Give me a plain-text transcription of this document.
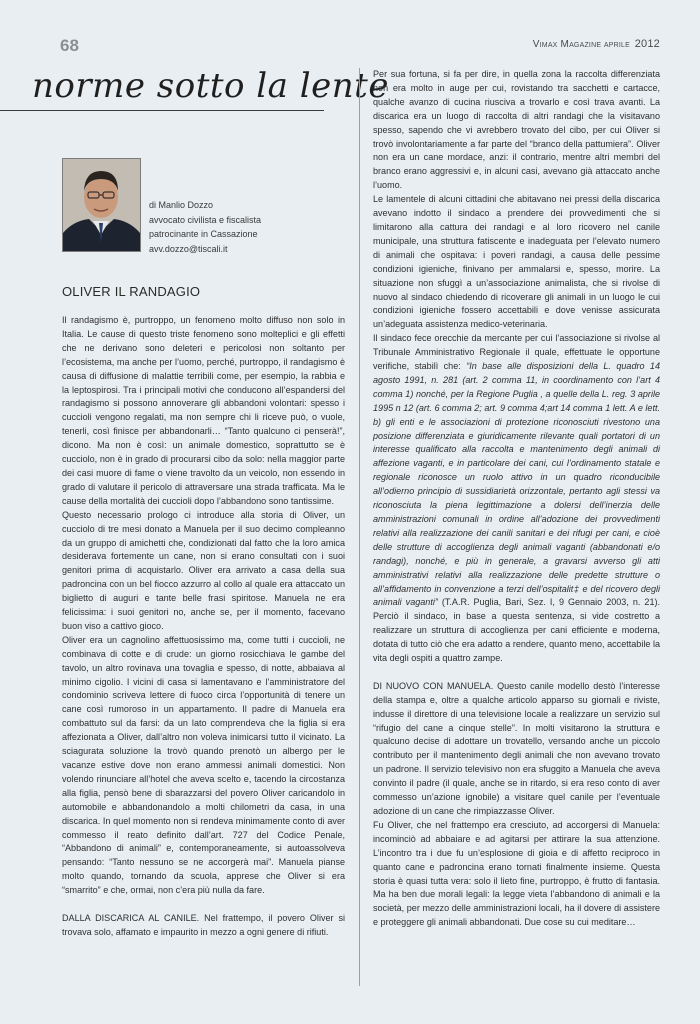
68	Vimax Magazine aprile 2012
norme sotto la lente
di Manlio Dozzo
avvocato civilista e fiscalista
patrocinante in Cassazione
avv.dozzo@tiscali.it
OLIVER IL RANDAGIO

Il randagismo è, purtroppo, un fenomeno molto diffuso non solo in Italia. Le cause di questo triste fenomeno sono molteplici e gli effetti che ne derivano sono deleteri e pericolosi non soltanto per l’ecosistema, ma anche per l’uomo, perché, purtroppo, il randagismo è causa di diffusione di malattie terribili come, per esempio, la rabbia e la leptospirosi. Tra i principali motivi che conducono all’espandersi del randagismo si possono annoverare gli abbandoni volontari: spesso i cuccioli vengono regalati, ma non sempre chi li riceve può, o vuole, tenerli, così finisce per abbandonarli… “Tanto qualcuno ci penserà!”, dicono. Ma non è così: un animale domestico, soprattutto se è cucciolo, non è in grado di procurarsi cibo da solo: nella maggior parte dei casi muore di fame o viene travolto da un veicolo, non essendo in grado di valutare il pericolo di attraversare una strada trafficata. Ma le cause della mortalità dei cuccioli dopo l’abbandono sono tantissime.

Questo necessario prologo ci introduce alla storia di Oliver, un cucciolo di tre mesi donato a Manuela per il suo decimo compleanno da un gruppo di amichetti che, condizionati dal fatto che la loro amica desiderava fortemente un cane, non si erano consultati con i suoi genitori prima di acquistarlo. Oliver era arrivato a casa della sua padroncina con un bel fiocco azzurro al collo al quale era attaccato un biglietto di auguri e tante belle frasi spiritose. Manuela ne era felicissima: i suoi genitori no, anche se, per il momento, facevano buon viso a cattivo gioco.

Oliver era un cagnolino affettuosissimo ma, come tutti i cuccioli, ne combinava di cotte e di crude: un giorno rosicchiava le gambe del tavolo, un altro rovinava una tovaglia e spesso, di notte, abbaiava al minimo cigolio. I vicini di casa si lamentavano e l’amministratore del condominio scriveva lettere di fuoco circa l’opportunità di tenere un cane così rumoroso in un appartamento. Il padre di Manuela era combattuto sul da farsi: da un lato comprendeva che la figlia si era affezionata a Oliver, dall’altro non voleva inimicarsi tutto il vicinato. La sciagurata soluzione la trovò quando prenotò un albergo per le vacanze estive dove non erano ammessi animali domestici. Non volendo rinunciare all’hotel che aveva scelto e, tacendo la circostanza alla figlia, pensò bene di sbarazzarsi del povero Oliver caricandolo in automobile e abbandonandolo a molti chilometri da casa, in una discarica. In quel momento non si rendeva minimamente conto di aver commesso il reato definito dall’art. 727 del Codice Penale, “Abbandono di animali” e, contemporaneamente, si autoassolveva pensando: “Tanto nessuno se ne accorgerà mai”. Manuela pianse molto quando, tornando da scuola, apprese che Oliver si era “smarrito” e che, ormai, non c’era più nulla da fare.

DALLA DISCARICA AL CANILE. Nel frattempo, il povero Oliver si trovava solo, affamato e impaurito in mezzo a ogni genere di rifiuti.

Per sua fortuna, si fa per dire, in quella zona la raccolta differenziata non era molto in auge per cui, rovistando tra sacchetti e cartacce, qualche avanzo di cucina riusciva a trovarlo e così trava avanti. La discarica era un luogo di raccolta di altri randagi che la visitavano spesso, sapendo che vi avrebbero trovato del cibo, per cui Oliver si trovò involontariamente a far parte del “branco della pattumiera”. Oliver non era un cane mordace, anzi: il contrario, mentre altri membri del branco erano aggressivi e, in alcuni casi, avevano già attaccato anche l’uomo.

Le lamentele di alcuni cittadini che abitavano nei pressi della discarica avevano indotto il sindaco a prendere dei provvedimenti che si limitarono alla cattura dei randagi e al loro ricovero nel canile municipale, una struttura fatiscente e inadeguata per l’elevato numero di animali che ospitava: i poveri randagi, a causa delle pessime condizioni igieniche, finivano per ammalarsi e, spesso, morire. La situazione non sfuggì a un’associazione animalista, che si rivolse di nuovo al sindaco chiedendo di ricoverare gli animali in un luogo le cui condizioni igieniche fossero accettabili e dove venisse assicurata un’adeguata assistenza medico-veterinaria.

Il sindaco fece orecchie da mercante per cui l’associazione si rivolse al Tribunale Amministrativo Regionale il quale, effettuate le opportune verifiche, stabilì che: “In base alle disposizioni della L. quadro 14 agosto 1991, n. 281 (art. 2 comma 11, in coordinamento con l’art 4 comma 1) nonché, per la Regione Puglia , a quelle della L. reg. 3 aprile 1995 n 12 (art. 6 comma 2; art. 9 comma 4;art 14 comma 1 lett. A e lett. b) gli enti e le associazioni di protezione riconosciuti rivestono una posizione differenziata e giuridicamente rilevante quali portatori di un interesse qualificato alla raccolta e mantenimento degli animali di affezione vaganti, e in particolare dei cani, cui l’ordinamento statale e regionale riconosce un ruolo attivo in un quadro riconducibile all’odierno principio di sussidiarietà orizzontale, pertanto agli stessi va riconosciuta la piena legittimazione a dolersi dell’inerzia delle amministrazioni comunali in ordine all’adozione dei provvedimenti relativi alla realizzazione dei canili sanitari e dei rifugi per cani, e cioè delle strutture di accoglienza degli animali vaganti (abbandonati e/o randagi), nonché, e più in generale, a gravarsi avverso gli atti amministrativi relativi alla realizzazione delle predette strutture o all’affidamento in convenzione a terzi dell’ospitalit‡ e del ricovero degli animali vaganti” (T.A.R. Puglia, Bari, Sez. I, 9 Gennaio 2003, n. 21). Perciò il sindaco, in base a questa sentenza, si vide costretto a realizzare un struttura di accoglienza per cani efficiente e moderna, dotata di tutto ciò che era adatto a rendere, quanto meno, accettabile la vita degli ospiti a quattro zampe.

DI NUOVO CON MANUELA. Questo canile modello destò l’interesse della stampa e, oltre a qualche articolo apparso su giornali e riviste, indusse il direttore di una televisione locale a realizzare un servizio sul “rifugio del cane a cinque stelle”. In molti visitarono la struttura e qualcuno decise di adottare un trovatello, versando anche un piccolo contributo per il mantenimento degli animali che non avevano trovato un padrone. Il servizio televisivo non era sfuggito a Manuela che aveva convinto il padre (il quale, anche se in ritardo, si era reso conto di aver commesso un’azione ignobile) a visitare quel canile per l’eventuale adozione di un cane che rimpiazzasse Oliver.

Fu Oliver, che nel frattempo era cresciuto, ad accorgersi di Manuela: incominciò ad abbaiare e ad agitarsi per attirare la sua attenzione. L’incontro tra i due fu un’esplosione di gioia e di affetto reciproco in quanto cane e padroncina erano tornati finalmente insieme. Questa storia è quasi tutta vera: solo il lieto fine, purtroppo, è frutto di fantasia. Ma ha ben due morali legali: la legge vieta l’abbandono di animali e la società, per mezzo delle amministrazioni locali, ha il dovere di assistere e proteggere gli animali abbandonati. Due cose su cui meditare…
